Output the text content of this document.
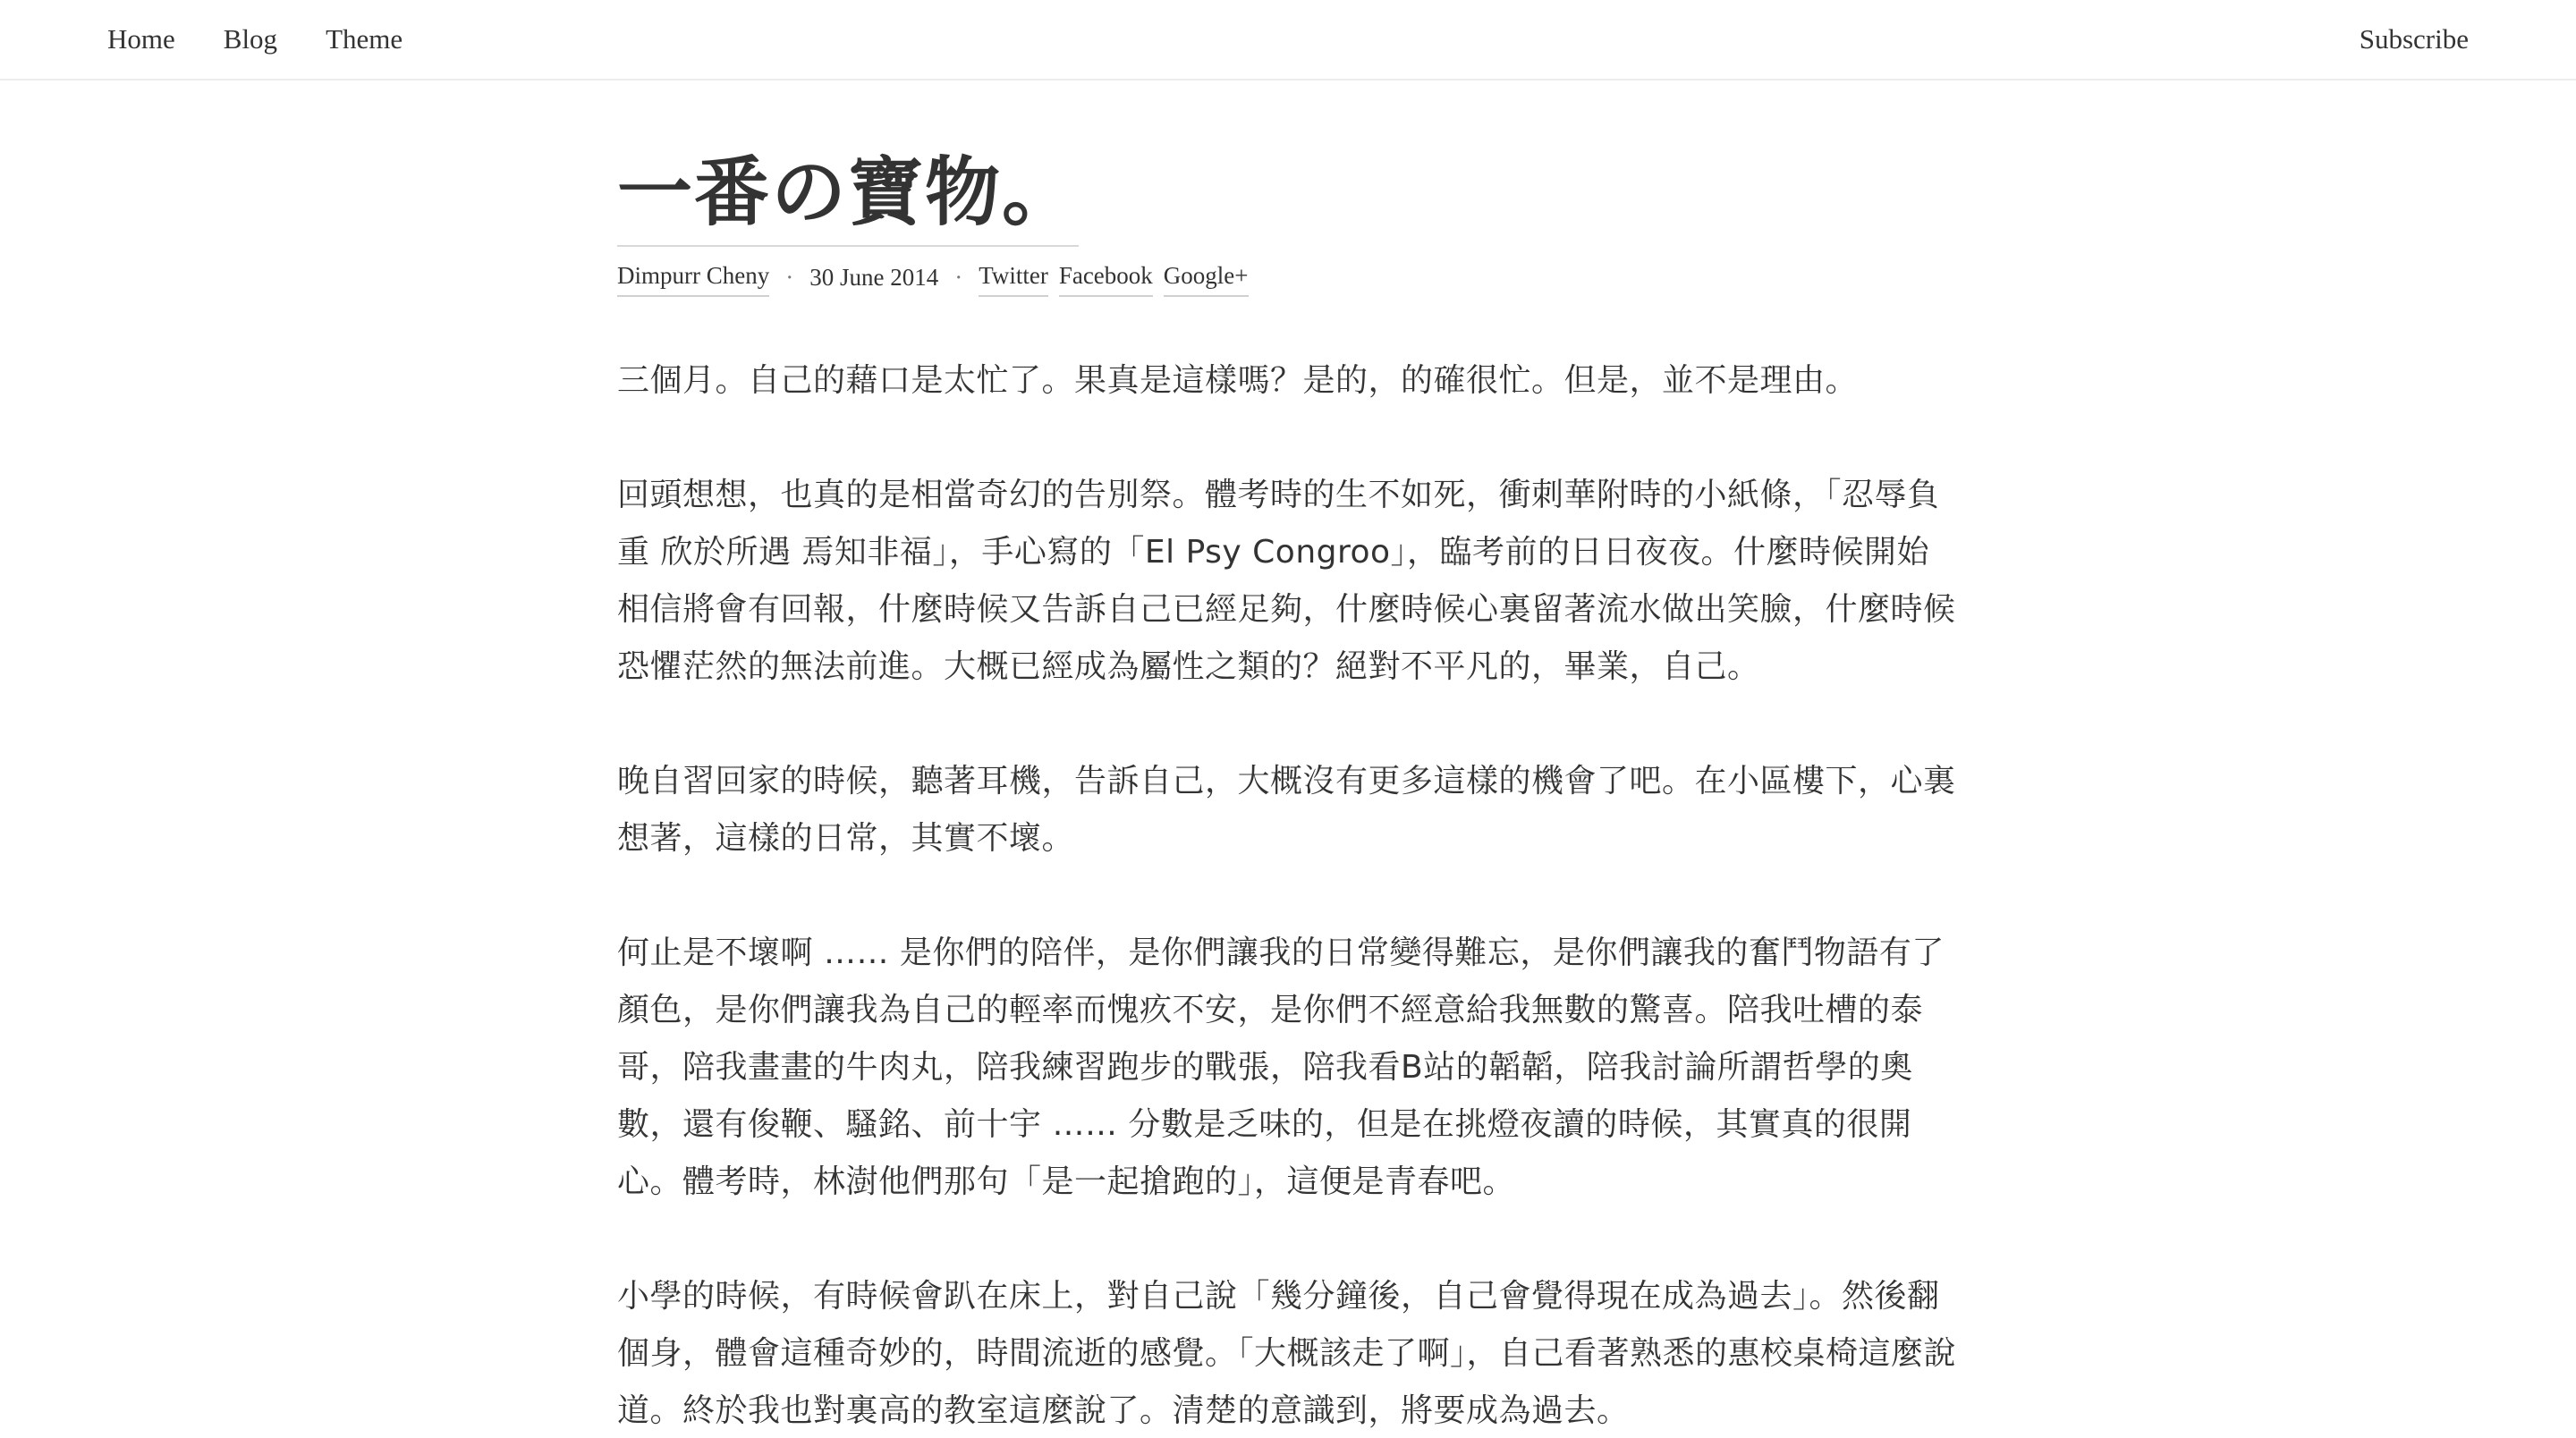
Home Blog Theme	Subscribe
一番の寶物。
Dimpurr Cheny · 30 June 2014 · Twitter Facebook Google+

三個月。自己的藉口是太忙了。果真是這樣嗎？是的，的確很忙。但是，並不是理由。

回頭想想，也真的是相當奇幻的告別祭。體考時的生不如死，衝刺華附時的小紙條，「忍辱負重 欣於所遇 焉知非福」，手心寫的「El Psy Congroo」，臨考前的日日夜夜。什麼時候開始相信將會有回報，什麼時候又告訴自己已經足夠，什麼時候心裏留著流水做出笑臉，什麼時候恐懼茫然的無法前進。大概已經成為屬性之類的？絕對不平凡的，畢業，自己。

晚自習回家的時候，聽著耳機，告訴自己，大概沒有更多這樣的機會了吧。在小區樓下，心裏想著，這樣的日常，其實不壞。

何止是不壞啊 …… 是你們的陪伴，是你們讓我的日常變得難忘，是你們讓我的奮鬥物語有了顏色，是你們讓我為自己的輕率而愧疚不安，是你們不經意給我無數的驚喜。陪我吐槽的泰哥，陪我畫畫的牛肉丸，陪我練習跑步的戰張，陪我看B站的韜韜，陪我討論所謂哲學的奧數，還有俊鞭、騷銘、前十宇 …… 分數是乏味的，但是在挑燈夜讀的時候，其實真的很開心。體考時，林澍他們那句「是一起搶跑的」，這便是青春吧。

小學的時候，有時候會趴在床上，對自己說「幾分鐘後，自己會覺得現在成為過去」。然後翻個身，體會這種奇妙的，時間流逝的感覺。「大概該走了啊」，自己看著熟悉的惠校桌椅這麼說道。終於我也對裏高的教室這麼說了。清楚的意識到，將要成為過去。
